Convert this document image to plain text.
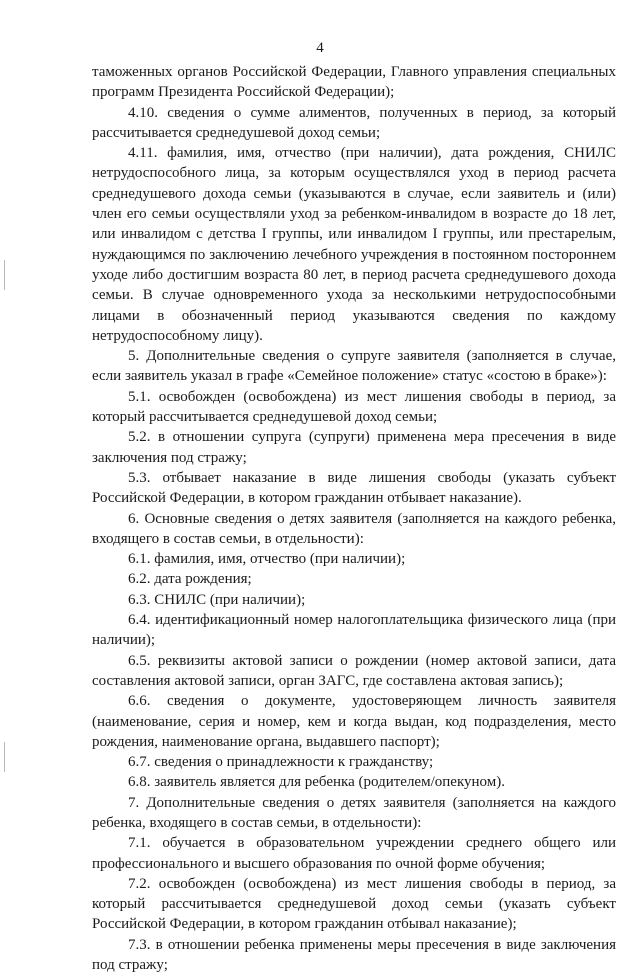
4

таможенных органов Российской Федерации, Главного управления специальных программ Президента Российской Федерации);

4.10. сведения о сумме алиментов, полученных в период, за который рассчитывается среднедушевой доход семьи;

4.11. фамилия, имя, отчество (при наличии), дата рождения, СНИЛС нетрудоспособного лица, за которым осуществлялся уход в период расчета среднедушевого дохода семьи (указываются в случае, если заявитель и (или) член его семьи осуществляли уход за ребенком-инвалидом в возрасте до 18 лет, или инвалидом с детства I группы, или инвалидом I группы, или престарелым, нуждающимся по заключению лечебного учреждения в постоянном постороннем уходе либо достигшим возраста 80 лет, в период расчета среднедушевого дохода семьи. В случае одновременного ухода за несколькими нетрудоспособными лицами в обозначенный период указываются сведения по каждому нетрудоспособному лицу).

5. Дополнительные сведения о супруге заявителя (заполняется в случае, если заявитель указал в графе «Семейное положение» статус «состою в браке»):

5.1. освобожден (освобождена) из мест лишения свободы в период, за который рассчитывается среднедушевой доход семьи;

5.2. в отношении супруга (супруги) применена мера пресечения в виде заключения под стражу;

5.3. отбывает наказание в виде лишения свободы (указать субъект Российской Федерации, в котором гражданин отбывает наказание).

6. Основные сведения о детях заявителя (заполняется на каждого ребенка, входящего в состав семьи, в отдельности):

6.1. фамилия, имя, отчество (при наличии);

6.2. дата рождения;

6.3. СНИЛС (при наличии);

6.4. идентификационный номер налогоплательщика физического лица (при наличии);

6.5. реквизиты актовой записи о рождении (номер актовой записи, дата составления актовой записи, орган ЗАГС, где составлена актовая запись);

6.6. сведения о документе, удостоверяющем личность заявителя (наименование, серия и номер, кем и когда выдан, код подразделения, место рождения, наименование органа, выдавшего паспорт);

6.7. сведения о принадлежности к гражданству;

6.8. заявитель является для ребенка (родителем/опекуном).

7. Дополнительные сведения о детях заявителя (заполняется на каждого ребенка, входящего в состав семьи, в отдельности):

7.1. обучается в образовательном учреждении среднего общего или профессионального и высшего образования по очной форме обучения;

7.2. освобожден (освобождена) из мест лишения свободы в период, за который рассчитывается среднедушевой доход семьи (указать субъект Российской Федерации, в котором гражданин отбывал наказание);

7.3. в отношении ребенка применены меры пресечения в виде заключения под стражу;
